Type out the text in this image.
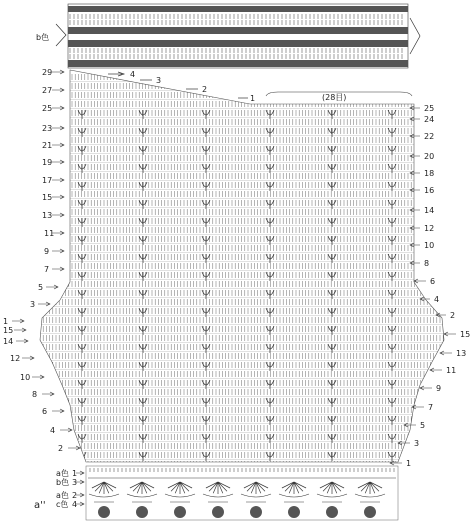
b色
4
3
2
1	(28目)
29
27
25
23
21
19
17
15
13
11
9
7
5
3
1
25
24
22
20
18
16
14
12
10
8
6
4
2
15
14
12
10
8
6
4
2
15
13
11
9
7
5
3
1
a色 1
b色 3
a色 2
c色 4
a''
